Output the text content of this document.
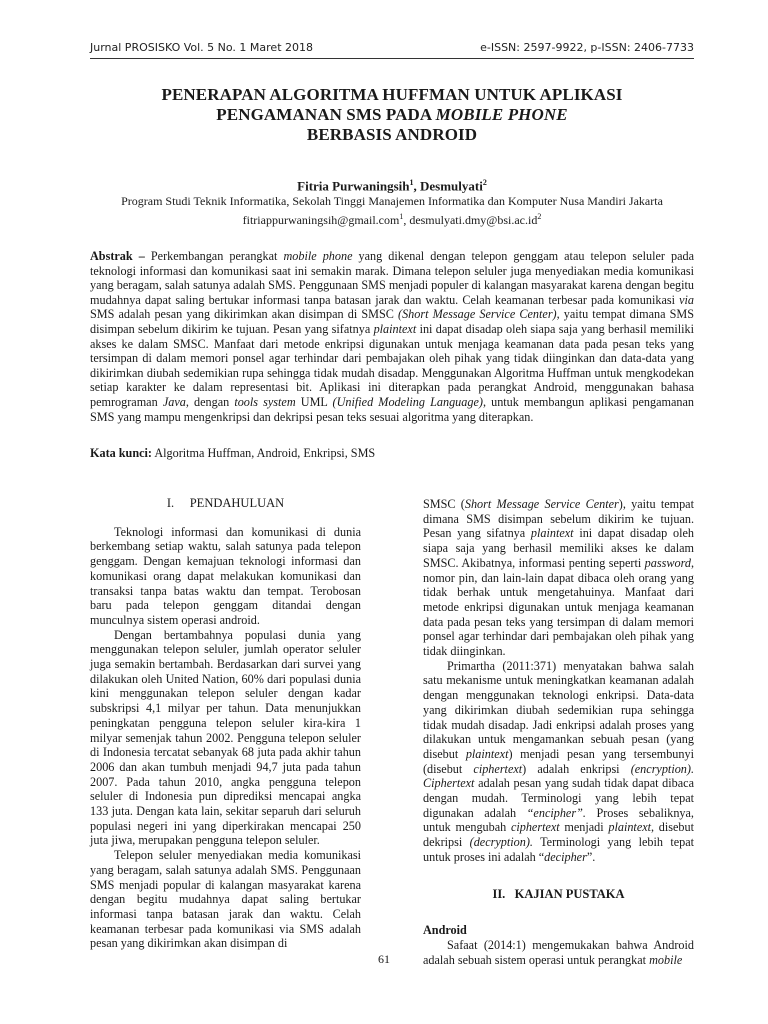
Jurnal PROSISKO Vol. 5 No. 1 Maret 2018	e-ISSN: 2597-9922, p-ISSN: 2406-7733
PENERAPAN ALGORITMA HUFFMAN UNTUK APLIKASI
PENGAMANAN SMS PADA MOBILE PHONE
BERBASIS ANDROID
Fitria Purwaningsih$^1$, Desmulyati$^2$
Program Studi Teknik Informatika, Sekolah Tinggi Manajemen Informatika dan Komputer Nusa Mandiri Jakarta
fitriappurwaningsih@gmail.com$^1$, $desmulyati.dmy@bsi.ac.id^2$
Abstrak – Perkembangan perangkat mobile phone yang dikenal dengan telepon genggam atau telepon seluler pada teknologi informasi dan komunikasi saat ini semakin marak. Dimana telepon seluler juga menyediakan media komunikasi yang beragam, salah satunya adalah SMS. Penggunaan SMS menjadi populer di kalangan masyarakat karena dengan begitu mudahnya dapat saling bertukar informasi tanpa batasan jarak dan waktu. Celah keamanan terbesar pada komunikasi via SMS adalah pesan yang dikirimkan akan disimpan di SMSC (Short Message Service Center), yaitu tempat dimana SMS disimpan sebelum dikirim ke tujuan. Pesan yang sifatnya plaintext ini dapat disadap oleh siapa saja yang berhasil memiliki akses ke dalam SMSC. Manfaat dari metode enkripsi digunakan untuk menjaga keamanan data pada pesan teks yang tersimpan di dalam memori ponsel agar terhindar dari pembajakan oleh pihak yang tidak diinginkan dan data-data yang dikirimkan diubah sedemikian rupa sehingga tidak mudah disadap. Menggunakan Algoritma Huffman untuk mengkodekan setiap karakter ke dalam representasi bit. Aplikasi ini diterapkan pada perangkat Android, menggunakan bahasa pemrograman Java, dengan tools system UML (Unified Modeling Language), untuk membangun aplikasi pengamanan SMS yang mampu mengenkripsi dan dekripsi pesan teks sesuai algoritma yang diterapkan.
Kata kunci: Algoritma Huffman, Android, Enkripsi, SMS
I.     PENDAHULUAN

Teknologi informasi dan komunikasi di dunia berkembang setiap waktu, salah satunya pada telepon genggam. Dengan kemajuan teknologi informasi dan komunikasi orang dapat melakukan komunikasi dan transaksi tanpa batas waktu dan tempat. Terobosan baru pada telepon genggam ditandai dengan munculnya sistem operasi android.

Dengan bertambahnya populasi dunia yang menggunakan telepon seluler, jumlah operator seluler juga semakin bertambah. Berdasarkan dari survei yang dilakukan oleh United Nation, 60% dari populasi dunia kini menggunakan telepon seluler dengan kadar subskripsi 4,1 milyar per tahun. Data menunjukkan peningkatan pengguna telepon seluler kira-kira 1 milyar semenjak tahun 2002. Pengguna telepon seluler di Indonesia tercatat sebanyak 68 juta pada akhir tahun 2006 dan akan tumbuh menjadi 94,7 juta pada tahun 2007. Pada tahun 2010, angka pengguna telepon seluler di Indonesia pun diprediksi mencapai angka 133 juta. Dengan kata lain, sekitar separuh dari seluruh populasi negeri ini yang diperkirakan mencapai 250 juta jiwa, merupakan pengguna telepon seluler.

Telepon seluler menyediakan media komunikasi yang beragam, salah satunya adalah SMS. Penggunaan SMS menjadi popular di kalangan masyarakat karena dengan begitu mudahnya dapat saling bertukar informasi tanpa batasan jarak dan waktu. Celah keamanan terbesar pada komunikasi via SMS adalah pesan yang dikirimkan akan disimpan di

SMSC (Short Message Service Center), yaitu tempat dimana SMS disimpan sebelum dikirim ke tujuan. Pesan yang sifatnya plaintext ini dapat disadap oleh siapa saja yang berhasil memiliki akses ke dalam SMSC. Akibatnya, informasi penting seperti password, nomor pin, dan lain-lain dapat dibaca oleh orang yang tidak berhak untuk mengetahuinya. Manfaat dari metode enkripsi digunakan untuk menjaga keamanan data pada pesan teks yang tersimpan di dalam memori ponsel agar terhindar dari pembajakan oleh pihak yang tidak diinginkan.

Primartha (2011:371) menyatakan bahwa salah satu mekanisme untuk meningkatkan keamanan adalah dengan menggunakan teknologi enkripsi. Data-data yang dikirimkan diubah sedemikian rupa sehingga tidak mudah disadap. Jadi enkripsi adalah proses yang dilakukan untuk mengamankan sebuah pesan (yang disebut plaintext) menjadi pesan yang tersembunyi (disebut ciphertext) adalah enkripsi (encryption). Ciphertext adalah pesan yang sudah tidak dapat dibaca dengan mudah. Terminologi yang lebih tepat digunakan adalah “encipher”. Proses sebaliknya, untuk mengubah ciphertext menjadi plaintext, disebut dekripsi (decryption). Terminologi yang lebih tepat untuk proses ini adalah “decipher”.

II.   KAJIAN PUSTAKA
Android

Safaat (2014:1) mengemukakan bahwa Android adalah sebuah sistem operasi untuk perangkat mobile

61
